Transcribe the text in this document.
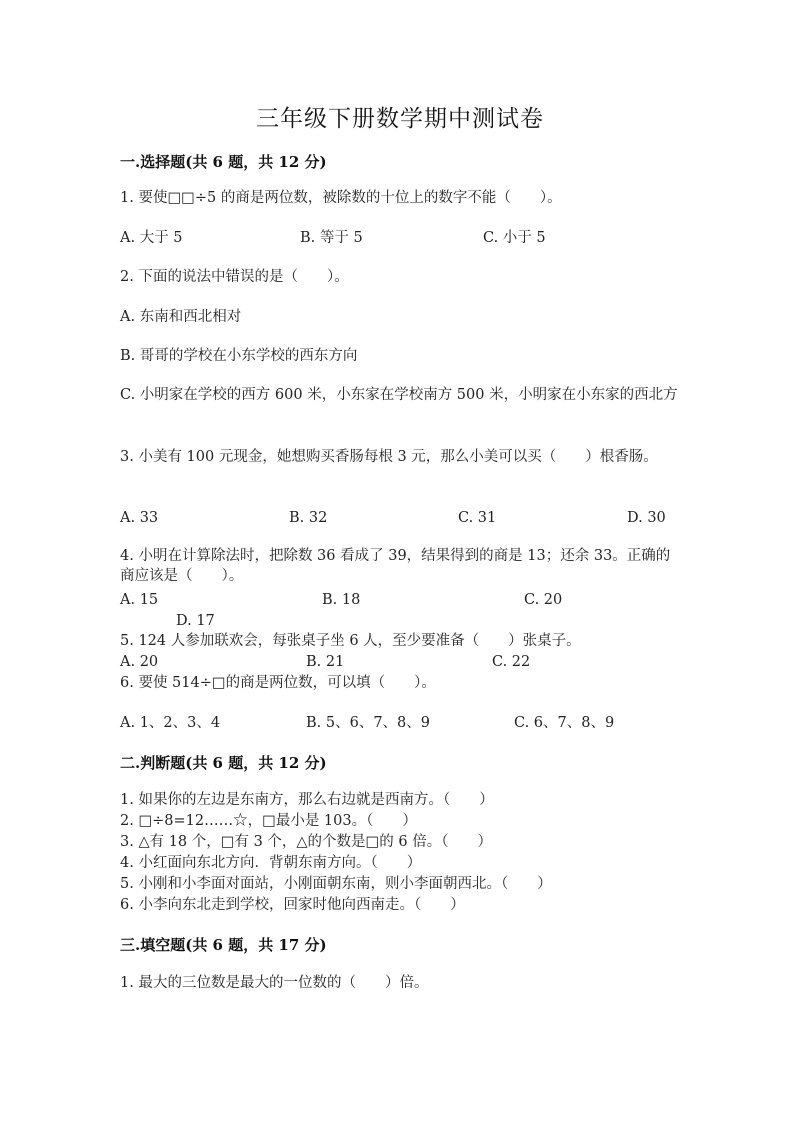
三年级下册数学期中测试卷
一.选择题(共 6 题，共 12 分)
1. 要使□□÷5 的商是两位数，被除数的十位上的数字不能（　　）。
A. 大于 5	B. 等于 5	C. 小于 5
2. 下面的说法中错误的是（　　）。
A. 东南和西北相对
B. 哥哥的学校在小东学校的西东方向
C. 小明家在学校的西方 600 米，小东家在学校南方 500 米，小明家在小东家的西北方
3. 小美有 100 元现金，她想购买香肠每根 3 元，那么小美可以买（　　）根香肠。
A. 33	B. 32	C. 31	D. 30
4. 小明在计算除法时，把除数 36 看成了 39，结果得到的商是 13；还余 33。正确的商应该是（　　）。
A. 15	B. 18	C. 20
D. 17
5. 124 人参加联欢会，每张桌子坐 6 人，至少要准备（　　）张桌子。
A. 20	B. 21	C. 22
6. 要使 514÷□的商是两位数，可以填（　　）。
A. 1、2、3、4	B. 5、6、7、8、9	C. 6、7、8、9
二.判断题(共 6 题，共 12 分)
1. 如果你的左边是东南方，那么右边就是西南方。（　　）
2. □÷8=12……☆，□最小是 103。（　　）
3. △有 18 个，□有 3 个，△的个数是□的 6 倍。（　　）
4. 小红面向东北方向．背朝东南方向。（　　）
5. 小刚和小李面对面站，小刚面朝东南，则小李面朝西北。（　　）
6. 小李向东北走到学校，回家时他向西南走。（　　）
三.填空题(共 6 题，共 17 分)
1. 最大的三位数是最大的一位数的（　　）倍。
